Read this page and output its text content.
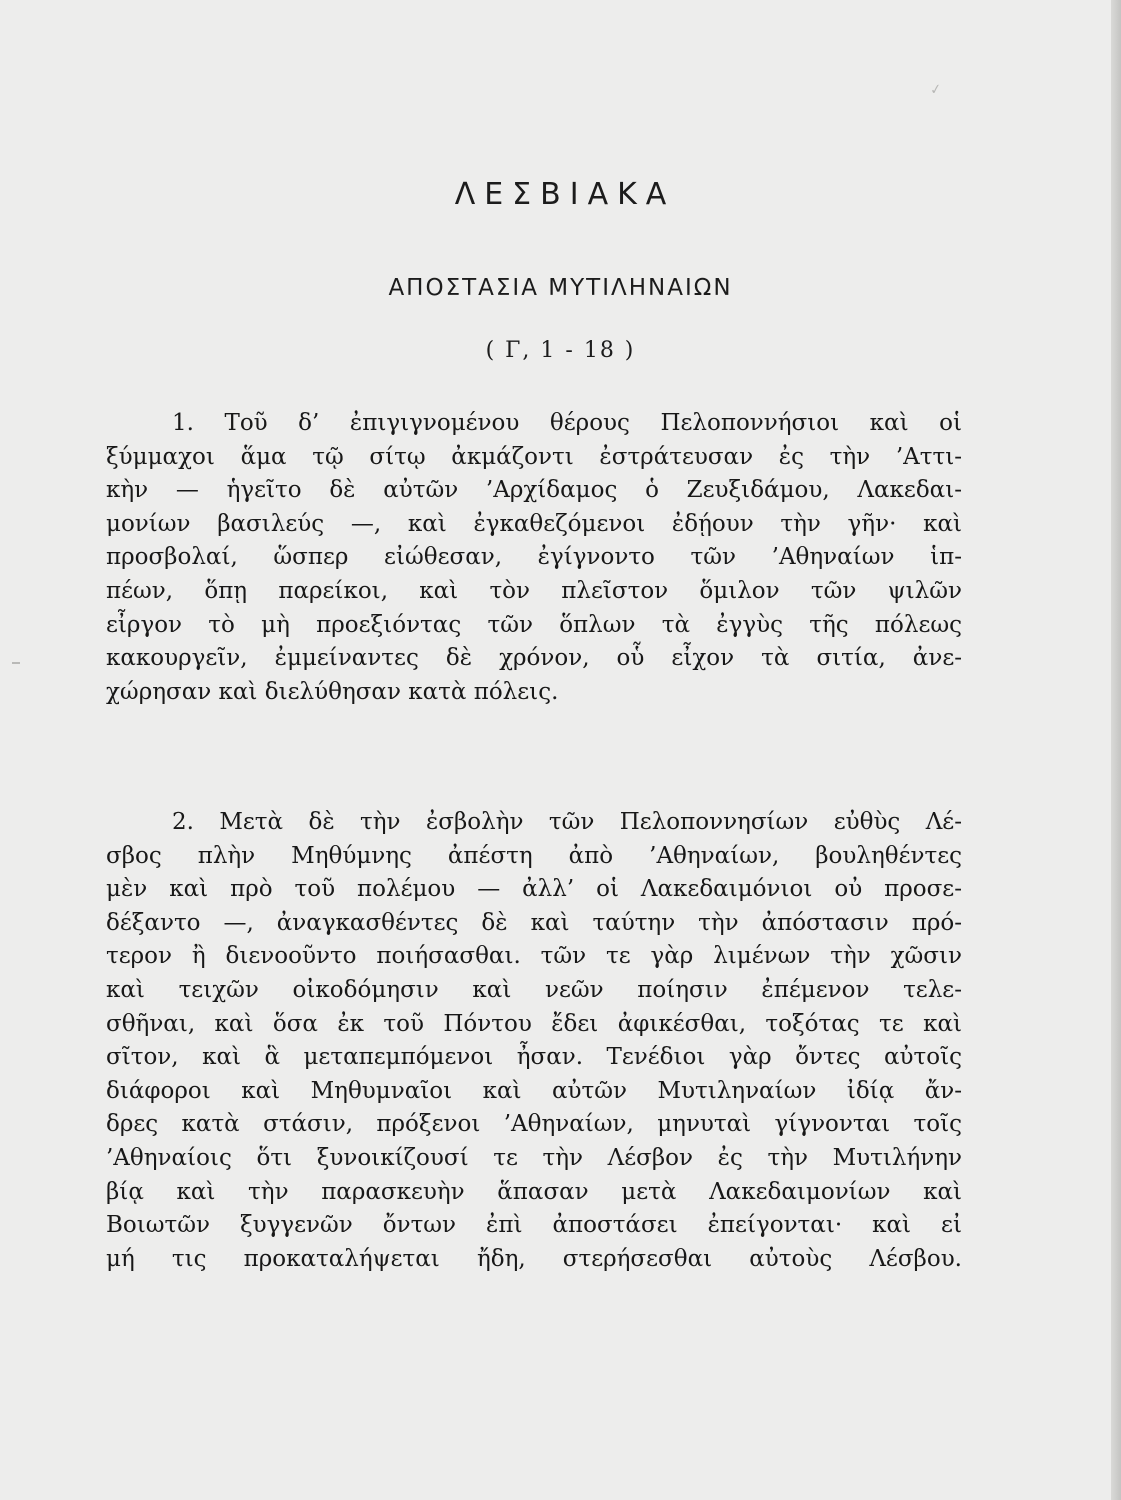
✓
ΛΕΣΒΙΑΚΑ
ΑΠΟΣΤΑΣΙΑ ΜΥΤΙΛΗΝΑΙΩΝ

( Γ, 1 - 18 )

1. Τοῦ δ’ ἐπιγιγνομένου θέρους Πελοποννήσιοι καὶ οἱ
ξύμμαχοι ἅμα τῷ σίτῳ ἀκμάζοντι ἐστράτευσαν ἐς τὴν ’Αττι-
κὴν — ἡγεῖτο δὲ αὐτῶν ’Αρχίδαμος ὁ Ζευξιδάμου, Λακεδαι-
μονίων βασιλεύς —, καὶ ἐγκαθεζόμενοι ἐδῄουν τὴν γῆν· καὶ
προσβολαί, ὥσπερ εἰώθεσαν, ἐγίγνοντο τῶν ’Αθηναίων ἱπ-
πέων, ὅπῃ παρείκοι, καὶ τὸν πλεῖστον ὅμιλον τῶν ψιλῶν
εἶργον τὸ μὴ προεξιόντας τῶν ὅπλων τὰ ἐγγὺς τῆς πόλεως
κακουργεῖν, ἐμμείναντες δὲ χρόνον, οὗ εἶχον τὰ σιτία, ἀνε-
χώρησαν καὶ διελύθησαν κατὰ πόλεις.
2. Μετὰ δὲ τὴν ἐσβολὴν τῶν Πελοποννησίων εὐθὺς Λέ-
σβος πλὴν Μηθύμνης ἀπέστη ἀπὸ ’Αθηναίων, βουληθέντες
μὲν καὶ πρὸ τοῦ πολέμου — ἀλλ’ οἱ Λακεδαιμόνιοι οὐ προσε-
δέξαντο —, ἀναγκασθέντες δὲ καὶ ταύτην τὴν ἀπόστασιν πρό-
τερον ἢ διενοοῦντο ποιήσασθαι. τῶν τε γὰρ λιμένων τὴν χῶσιν
καὶ τειχῶν οἰκοδόμησιν καὶ νεῶν ποίησιν ἐπέμενον τελε-
σθῆναι, καὶ ὅσα ἐκ τοῦ Πόντου ἔδει ἀφικέσθαι, τοξότας τε καὶ
σῖτον, καὶ ἃ μεταπεμπόμενοι ἦσαν. Τενέδιοι γὰρ ὄντες αὐτοῖς
διάφοροι καὶ Μηθυμναῖοι καὶ αὐτῶν Μυτιληναίων ἰδίᾳ ἄν-
δρες κατὰ στάσιν, πρόξενοι ’Αθηναίων, μηνυταὶ γίγνονται τοῖς
’Αθηναίοις ὅτι ξυνοικίζουσί τε τὴν Λέσβον ἐς τὴν Μυτιλήνην
βίᾳ καὶ τὴν παρασκευὴν ἅπασαν μετὰ Λακεδαιμονίων καὶ
Βοιωτῶν ξυγγενῶν ὄντων ἐπὶ ἀποστάσει ἐπείγονται· καὶ εἰ
μή τις προκαταλήψεται ἤδη, στερήσεσθαι αὐτοὺς Λέσβου.
